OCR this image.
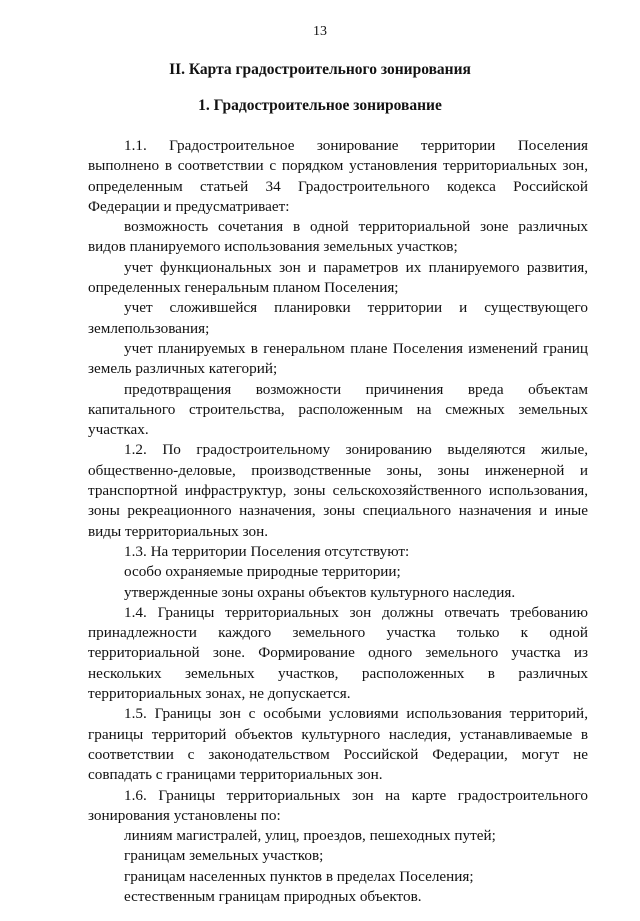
13
II. Карта градостроительного зонирования
1. Градостроительное зонирование

1.1. Градостроительное зонирование территории Поселения выполнено в соответствии с порядком установления территориальных зон, определенным статьей 34 Градостроительного кодекса Российской Федерации и предусматривает:

возможность сочетания в одной территориальной зоне различных видов планируемого использования земельных участков;

учет функциональных зон и параметров их планируемого развития, определенных генеральным планом Поселения;

учет сложившейся планировки территории и существующего землепользования;

учет планируемых в генеральном плане Поселения изменений границ земель различных категорий;

предотвращения возможности причинения вреда объектам капитального строительства, расположенным на смежных земельных участках.

1.2. По градостроительному зонированию выделяются жилые, общественно-деловые, производственные зоны, зоны инженерной и транспортной инфраструктур, зоны сельскохозяйственного использования, зоны рекреационного назначения, зоны специального назначения и иные виды территориальных зон.

1.3. На территории Поселения отсутствуют:

особо охраняемые природные территории;

утвержденные зоны охраны объектов культурного наследия.

1.4. Границы территориальных зон должны отвечать требованию принадлежности каждого земельного участка только к одной территориальной зоне. Формирование одного земельного участка из нескольких земельных участков, расположенных в различных территориальных зонах, не допускается.

1.5. Границы зон с особыми условиями использования территорий, границы территорий объектов культурного наследия, устанавливаемые в соответствии с законодательством Российской Федерации, могут не совпадать с границами территориальных зон.

1.6. Границы территориальных зон на карте градостроительного зонирования установлены по:

линиям магистралей, улиц, проездов, пешеходных путей;

границам земельных участков;

границам населенных пунктов в пределах Поселения;

естественным границам природных объектов.
